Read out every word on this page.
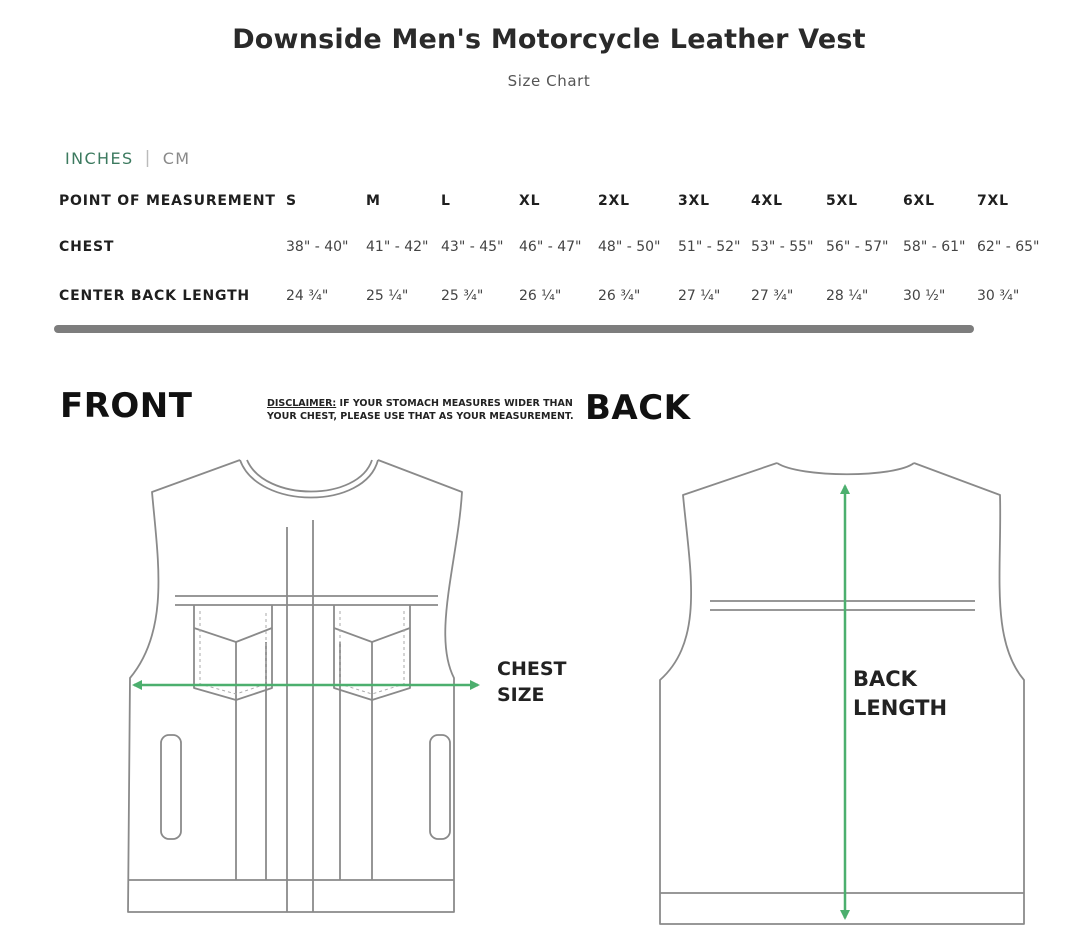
Downside Men's Motorcycle Leather Vest
Size Chart
INCHES | CM
POINT OF MEASUREMENT	S	M	L	XL	2XL	3XL	4XL	5XL	6XL	7XL
CHEST	38" - 40"	41" - 42"	43" - 45"	46" - 47"	48" - 50"	51" - 52"	53" - 55"	56" - 57"	58" - 61"	62" - 65"
CENTER BACK LENGTH	24 ³⁄₄"	25 ¹⁄₄"	25 ³⁄₄"	26 ¹⁄₄"	26 ³⁄₄"	27 ¹⁄₄"	27 ³⁄₄"	28 ¹⁄₄"	30 ¹⁄₂"	30 ³⁄₄"
FRONT	BACK
DISCLAIMER: IF YOUR STOMACH MEASURES WIDER THAN
YOUR CHEST, PLEASE USE THAT AS YOUR MEASUREMENT.
CHEST
SIZE
BACK
LENGTH
